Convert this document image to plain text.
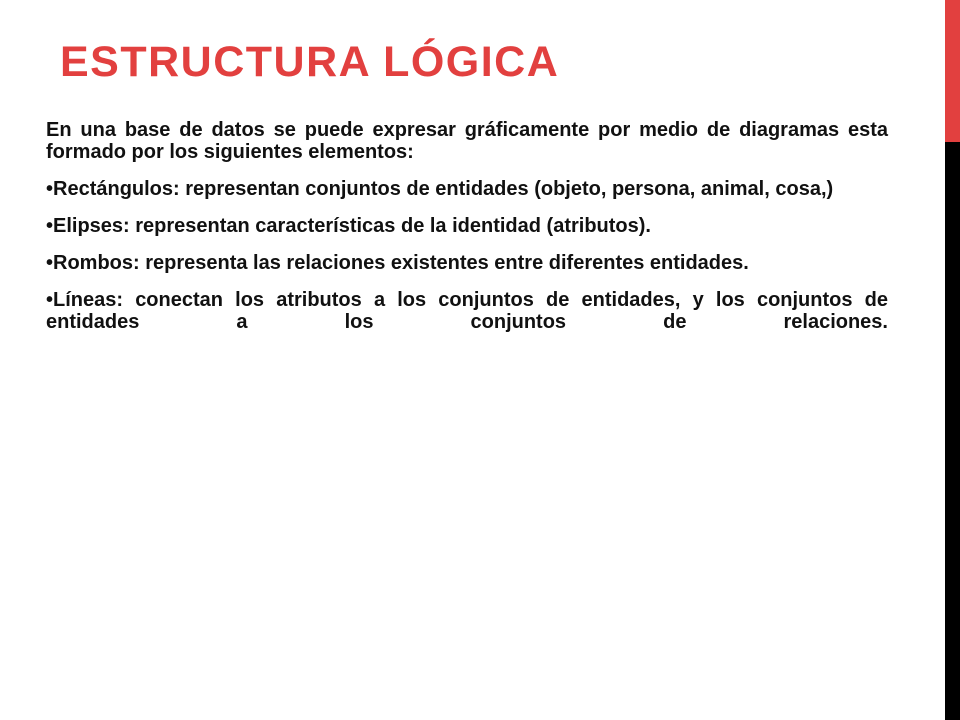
ESTRUCTURA LÓGICA

En una base de datos se puede expresar gráficamente por medio de diagramas esta formado por los siguientes elementos:

•Rectángulos: representan conjuntos de entidades (objeto, persona, animal, cosa,)

•Elipses: representan características de la identidad (atributos).

•Rombos: representa las relaciones existentes entre diferentes entidades.

•Líneas: conectan los atributos a los conjuntos de entidades, y los conjuntos de entidades a los conjuntos de relaciones.
